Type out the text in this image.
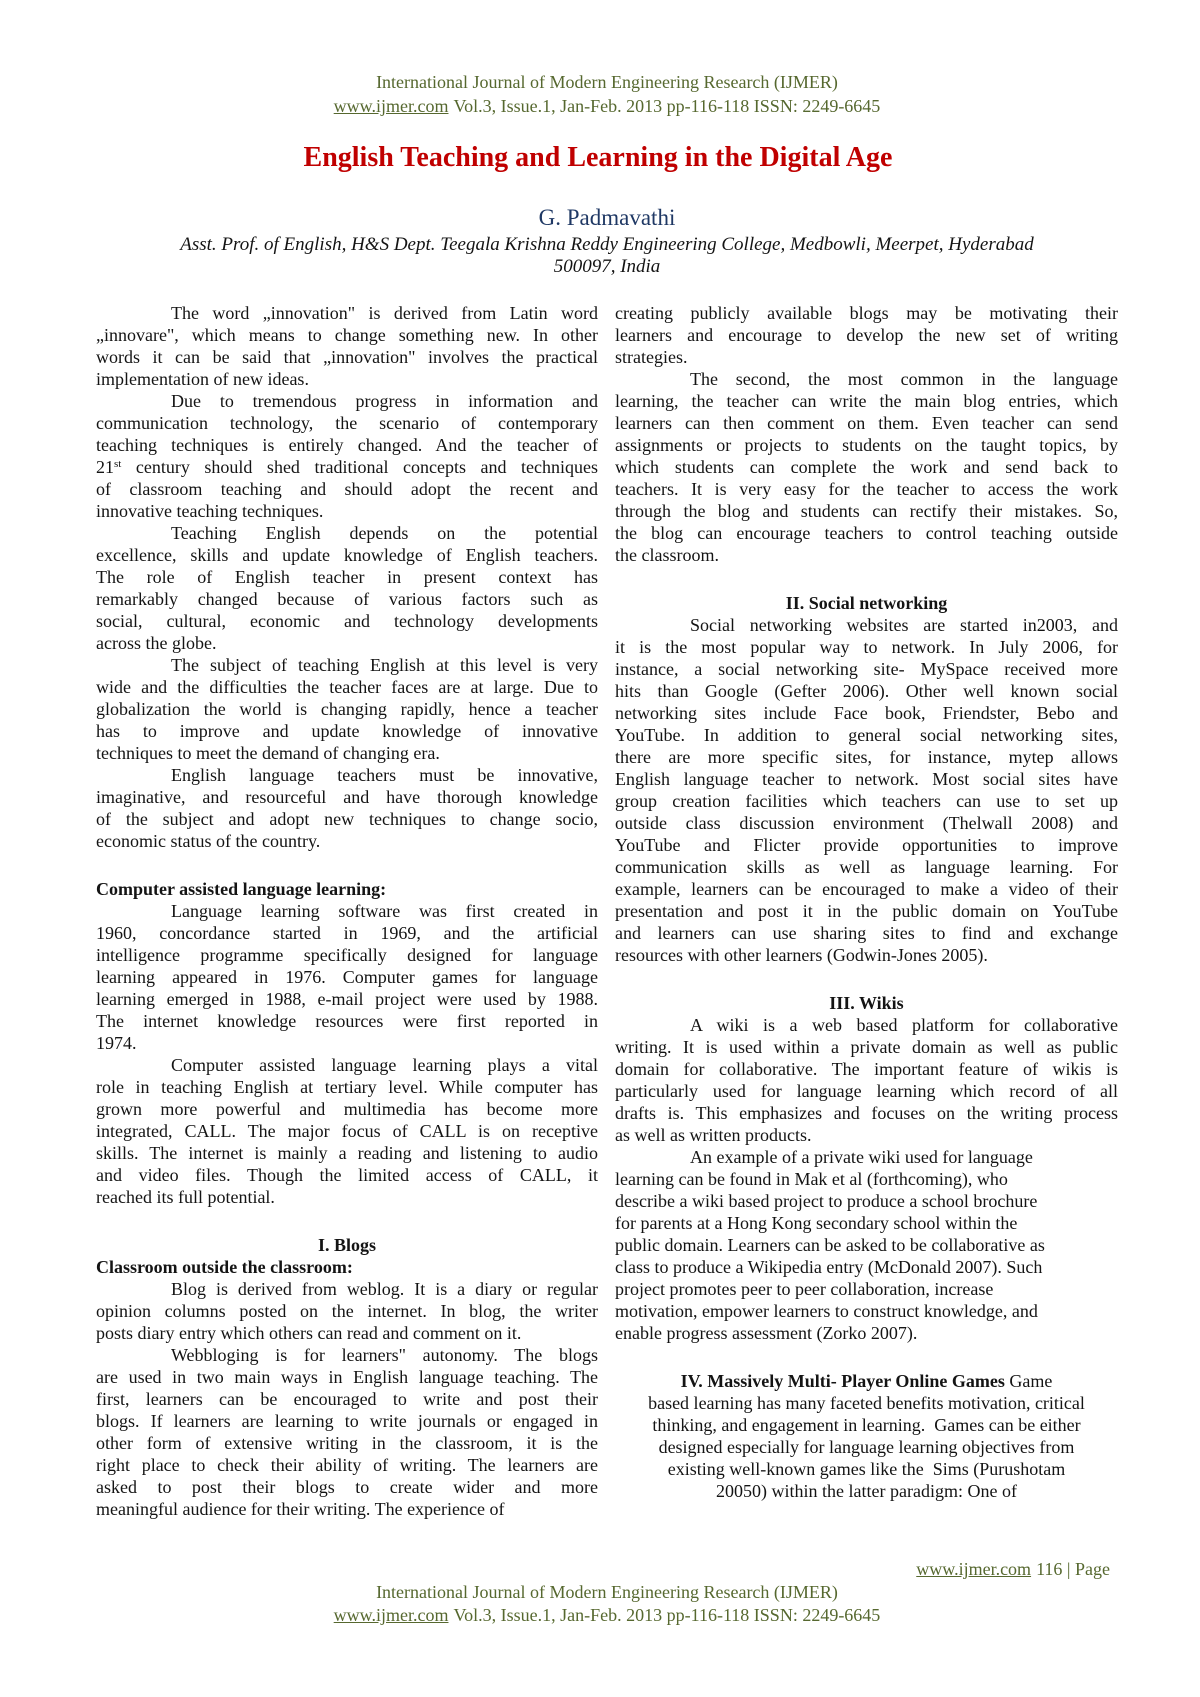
International Journal of Modern Engineering Research (IJMER)
www.ijmer.com Vol.3, Issue.1, Jan-Feb. 2013 pp-116-118 ISSN: 2249-6645
English Teaching and Learning in the Digital Age
G. Padmavathi
Asst. Prof. of English, H&S Dept. Teegala Krishna Reddy Engineering College, Medbowli, Meerpet, Hyderabad
500097, India
The word „innovation" is derived from Latin word
„innovare", which means to change something new. In other
words it can be said that „innovation" involves the practical
implementation of new ideas.
Due to tremendous progress in information and
communication technology, the scenario of contemporary
teaching techniques is entirely changed. And the teacher of
21st century should shed traditional concepts and techniques
of classroom teaching and should adopt the recent and
innovative teaching techniques.
Teaching English depends on the potential
excellence, skills and update knowledge of English teachers.
The role of English teacher in present context has
remarkably changed because of various factors such as
social, cultural, economic and technology developments
across the globe.
The subject of teaching English at this level is very
wide and the difficulties the teacher faces are at large. Due to
globalization the world is changing rapidly, hence a teacher
has to improve and update knowledge of innovative
techniques to meet the demand of changing era.
English language teachers must be innovative,
imaginative, and resourceful and have thorough knowledge
of the subject and adopt new techniques to change socio,
economic status of the country.
Computer assisted language learning:
Language learning software was first created in
1960, concordance started in 1969, and the artificial
intelligence programme specifically designed for language
learning appeared in 1976. Computer games for language
learning emerged in 1988, e-mail project were used by 1988.
The internet knowledge resources were first reported in
1974.
Computer assisted language learning plays a vital
role in teaching English at tertiary level. While computer has
grown more powerful and multimedia has become more
integrated, CALL. The major focus of CALL is on receptive
skills. The internet is mainly a reading and listening to audio
and video files. Though the limited access of CALL, it
reached its full potential.
I. Blogs
Classroom outside the classroom:
Blog is derived from weblog. It is a diary or regular
opinion columns posted on the internet. In blog, the writer
posts diary entry which others can read and comment on it.
Webbloging is for learners" autonomy. The blogs
are used in two main ways in English language teaching. The
first, learners can be encouraged to write and post their
blogs. If learners are learning to write journals or engaged in
other form of extensive writing in the classroom, it is the
right place to check their ability of writing. The learners are
asked to post their blogs to create wider and more
meaningful audience for their writing. The experience of
creating publicly available blogs may be motivating their
learners and encourage to develop the new set of writing
strategies.
The second, the most common in the language
learning, the teacher can write the main blog entries, which
learners can then comment on them. Even teacher can send
assignments or projects to students on the taught topics, by
which students can complete the work and send back to
teachers. It is very easy for the teacher to access the work
through the blog and students can rectify their mistakes. So,
the blog can encourage teachers to control teaching outside
the classroom.
II. Social networking
Social networking websites are started in2003, and
it is the most popular way to network. In July 2006, for
instance, a social networking site- MySpace received more
hits than Google (Gefter 2006). Other well known social
networking sites include Face book, Friendster, Bebo and
YouTube. In addition to general social networking sites,
there are more specific sites, for instance, mytep allows
English language teacher to network. Most social sites have
group creation facilities which teachers can use to set up
outside class discussion environment (Thelwall 2008) and
YouTube and Flicter provide opportunities to improve
communication skills as well as language learning. For
example, learners can be encouraged to make a video of their
presentation and post it in the public domain on YouTube
and learners can use sharing sites to find and exchange
resources with other learners (Godwin-Jones 2005).
III. Wikis
A wiki is a web based platform for collaborative
writing. It is used within a private domain as well as public
domain for collaborative. The important feature of wikis is
particularly used for language learning which record of all
drafts is. This emphasizes and focuses on the writing process
as well as written products.
An example of a private wiki used for language
learning can be found in Mak et al (forthcoming), who
describe a wiki based project to produce a school brochure
for parents at a Hong Kong secondary school within the
public domain. Learners can be asked to be collaborative as
class to produce a Wikipedia entry (McDonald 2007). Such
project promotes peer to peer collaboration, increase
motivation, empower learners to construct knowledge, and
enable progress assessment (Zorko 2007).
IV. Massively Multi- Player Online Games Game
based learning has many faceted benefits motivation, critical
thinking, and engagement in learning.  Games can be either
designed especially for language learning objectives from
existing well-known games like the  Sims (Purushotam
20050) within the latter paradigm: One of
www.ijmer.com 116 | Page
International Journal of Modern Engineering Research (IJMER)
www.ijmer.com Vol.3, Issue.1, Jan-Feb. 2013 pp-116-118 ISSN: 2249-6645
